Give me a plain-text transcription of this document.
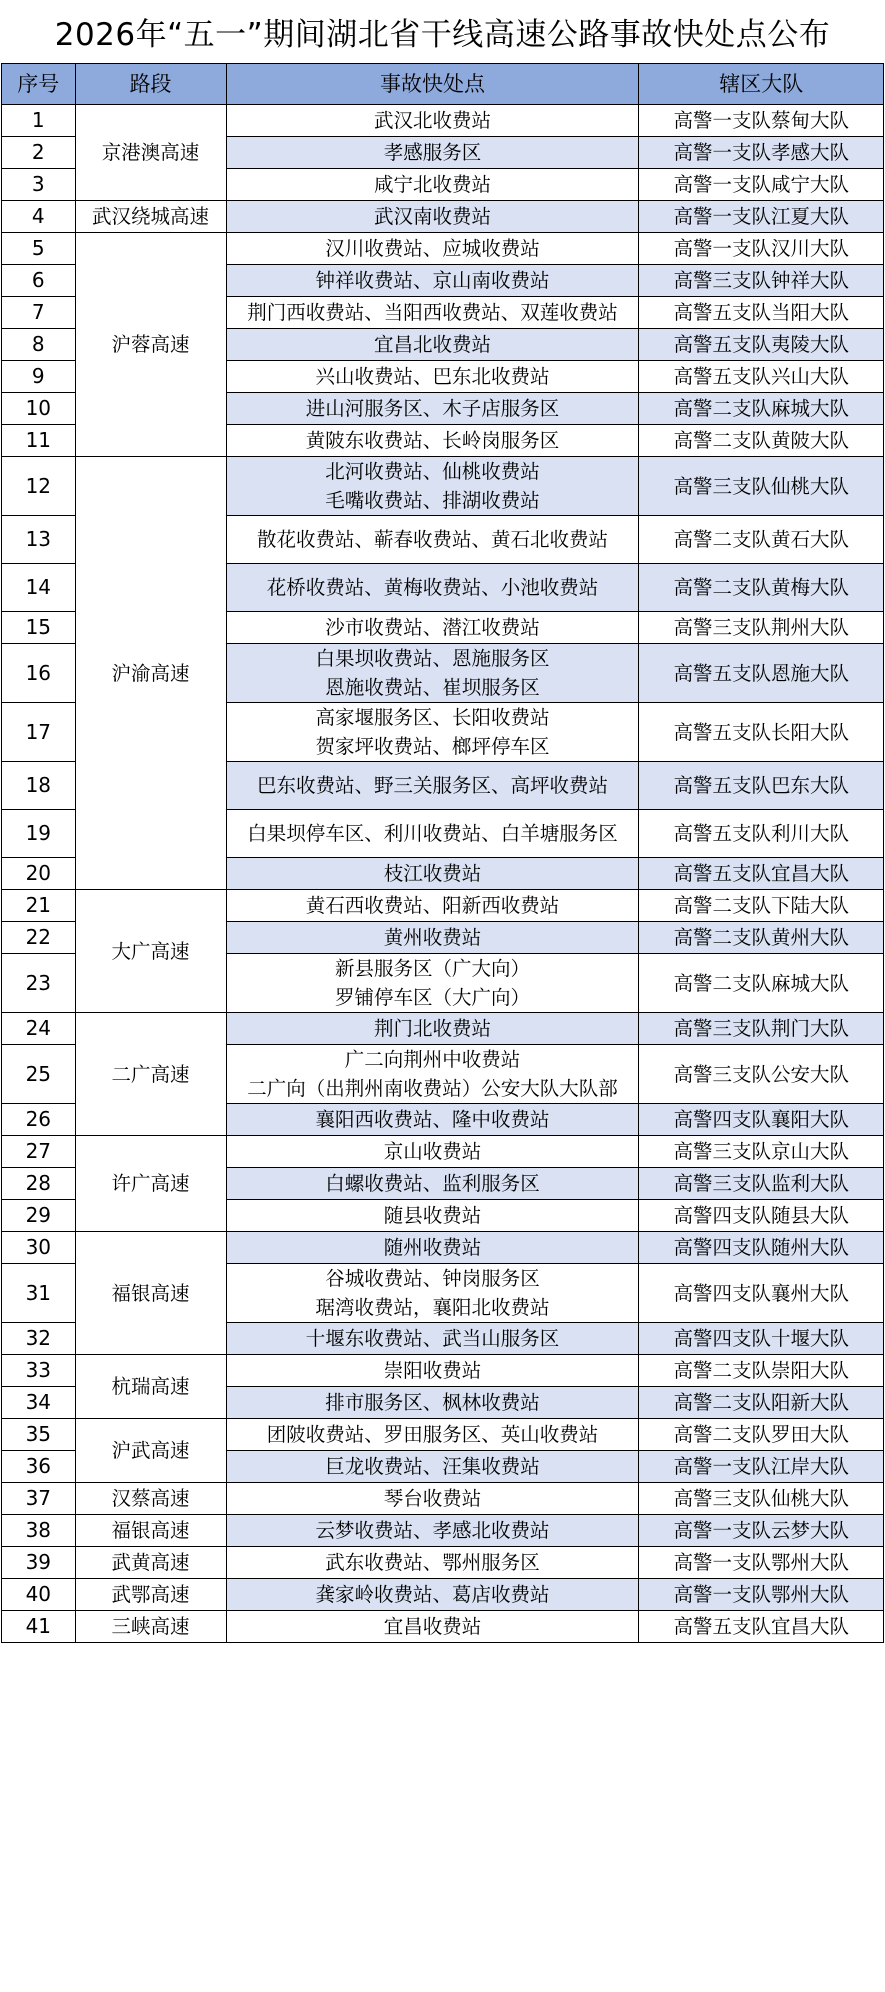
2026年“五一”期间湖北省干线高速公路事故快处点公布
序号	路段	事故快处点	辖区大队
1	京港澳高速	武汉北收费站	高警一支队蔡甸大队
2		孝感服务区	高警一支队孝感大队
3		咸宁北收费站	高警一支队咸宁大队
4	武汉绕城高速	武汉南收费站	高警一支队江夏大队
5	沪蓉高速	汉川收费站、应城收费站	高警一支队汉川大队
6		钟祥收费站、京山南收费站	高警三支队钟祥大队
7		荆门西收费站、当阳西收费站、双莲收费站	高警五支队当阳大队
8		宜昌北收费站	高警五支队夷陵大队
9		兴山收费站、巴东北收费站	高警五支队兴山大队
10		进山河服务区、木子店服务区	高警二支队麻城大队
11		黄陂东收费站、长岭岗服务区	高警二支队黄陂大队
12	沪渝高速	北河收费站、仙桃收费站
毛嘴收费站、排湖收费站	高警三支队仙桃大队
13		散花收费站、蕲春收费站、黄石北收费站	高警二支队黄石大队
14		花桥收费站、黄梅收费站、小池收费站	高警二支队黄梅大队
15		沙市收费站、潜江收费站	高警三支队荆州大队
16		白果坝收费站、恩施服务区
恩施收费站、崔坝服务区	高警五支队恩施大队
17		高家堰服务区、长阳收费站
贺家坪收费站、榔坪停车区	高警五支队长阳大队
18		巴东收费站、野三关服务区、高坪收费站	高警五支队巴东大队
19		白果坝停车区、利川收费站、白羊塘服务区	高警五支队利川大队
20		枝江收费站	高警五支队宜昌大队
21	大广高速	黄石西收费站、阳新西收费站	高警二支队下陆大队
22		黄州收费站	高警二支队黄州大队
23		新县服务区（广大向）
罗铺停车区（大广向）	高警二支队麻城大队
24	二广高速	荆门北收费站	高警三支队荆门大队
25		广二向荆州中收费站
二广向（出荆州南收费站）公安大队大队部	高警三支队公安大队
26		襄阳西收费站、隆中收费站	高警四支队襄阳大队
27	许广高速	京山收费站	高警三支队京山大队
28		白螺收费站、监利服务区	高警三支队监利大队
29		随县收费站	高警四支队随县大队
30	福银高速	随州收费站	高警四支队随州大队
31		谷城收费站、钟岗服务区
琚湾收费站，襄阳北收费站	高警四支队襄州大队
32		十堰东收费站、武当山服务区	高警四支队十堰大队
33	杭瑞高速	崇阳收费站	高警二支队崇阳大队
34		排市服务区、枫林收费站	高警二支队阳新大队
35	沪武高速	团陂收费站、罗田服务区、英山收费站	高警二支队罗田大队
36		巨龙收费站、汪集收费站	高警一支队江岸大队
37	汉蔡高速	琴台收费站	高警三支队仙桃大队
38	福银高速	云梦收费站、孝感北收费站	高警一支队云梦大队
39	武黄高速	武东收费站、鄂州服务区	高警一支队鄂州大队
40	武鄂高速	龚家岭收费站、葛店收费站	高警一支队鄂州大队
41	三峡高速	宜昌收费站	高警五支队宜昌大队
